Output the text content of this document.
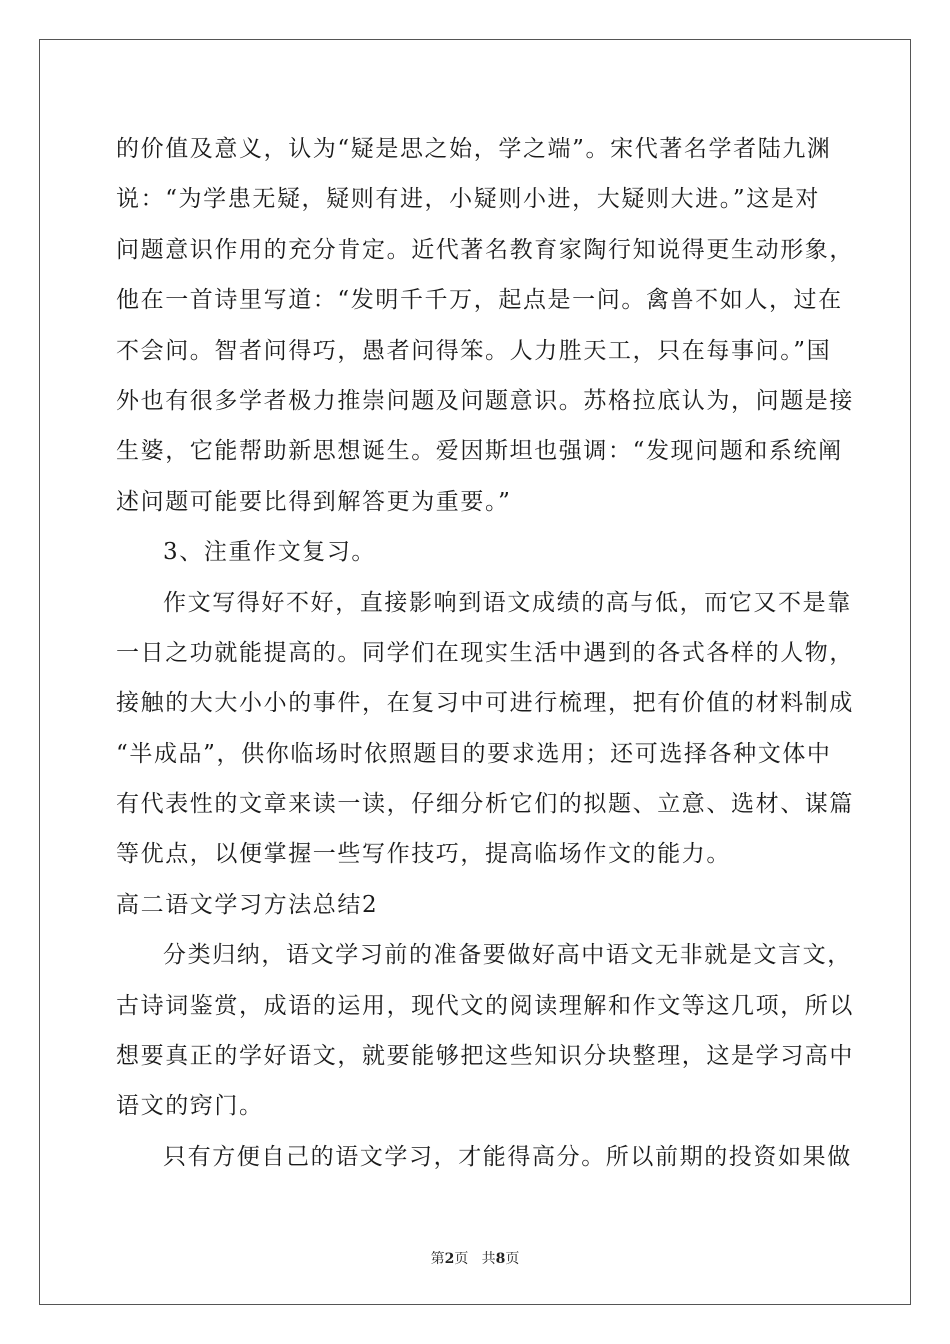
的价值及意义，认为“疑是思之始，学之端”。宋代著名学者陆九渊
说：“为学患无疑，疑则有进，小疑则小进，大疑则大进。”这是对
问题意识作用的充分肯定。近代著名教育家陶行知说得更生动形象，
他在一首诗里写道：“发明千千万，起点是一问。禽兽不如人，过在
不会问。智者问得巧，愚者问得笨。人力胜天工，只在每事问。”国
外也有很多学者极力推崇问题及问题意识。苏格拉底认为，问题是接
生婆，它能帮助新思想诞生。爱因斯坦也强调：“发现问题和系统阐
述问题可能要比得到解答更为重要。”
3、注重作文复习。
作文写得好不好，直接影响到语文成绩的高与低，而它又不是靠
一日之功就能提高的。同学们在现实生活中遇到的各式各样的人物，
接触的大大小小的事件，在复习中可进行梳理，把有价值的材料制成
“半成品”，供你临场时依照题目的要求选用；还可选择各种文体中
有代表性的文章来读一读，仔细分析它们的拟题、立意、选材、谋篇
等优点，以便掌握一些写作技巧，提高临场作文的能力。
高二语文学习方法总结2
分类归纳，语文学习前的准备要做好高中语文无非就是文言文，
古诗词鉴赏，成语的运用，现代文的阅读理解和作文等这几项，所以
想要真正的学好语文，就要能够把这些知识分块整理，这是学习高中
语文的窍门。
只有方便自己的语文学习，才能得高分。所以前期的投资如果做
第2页 共8页
